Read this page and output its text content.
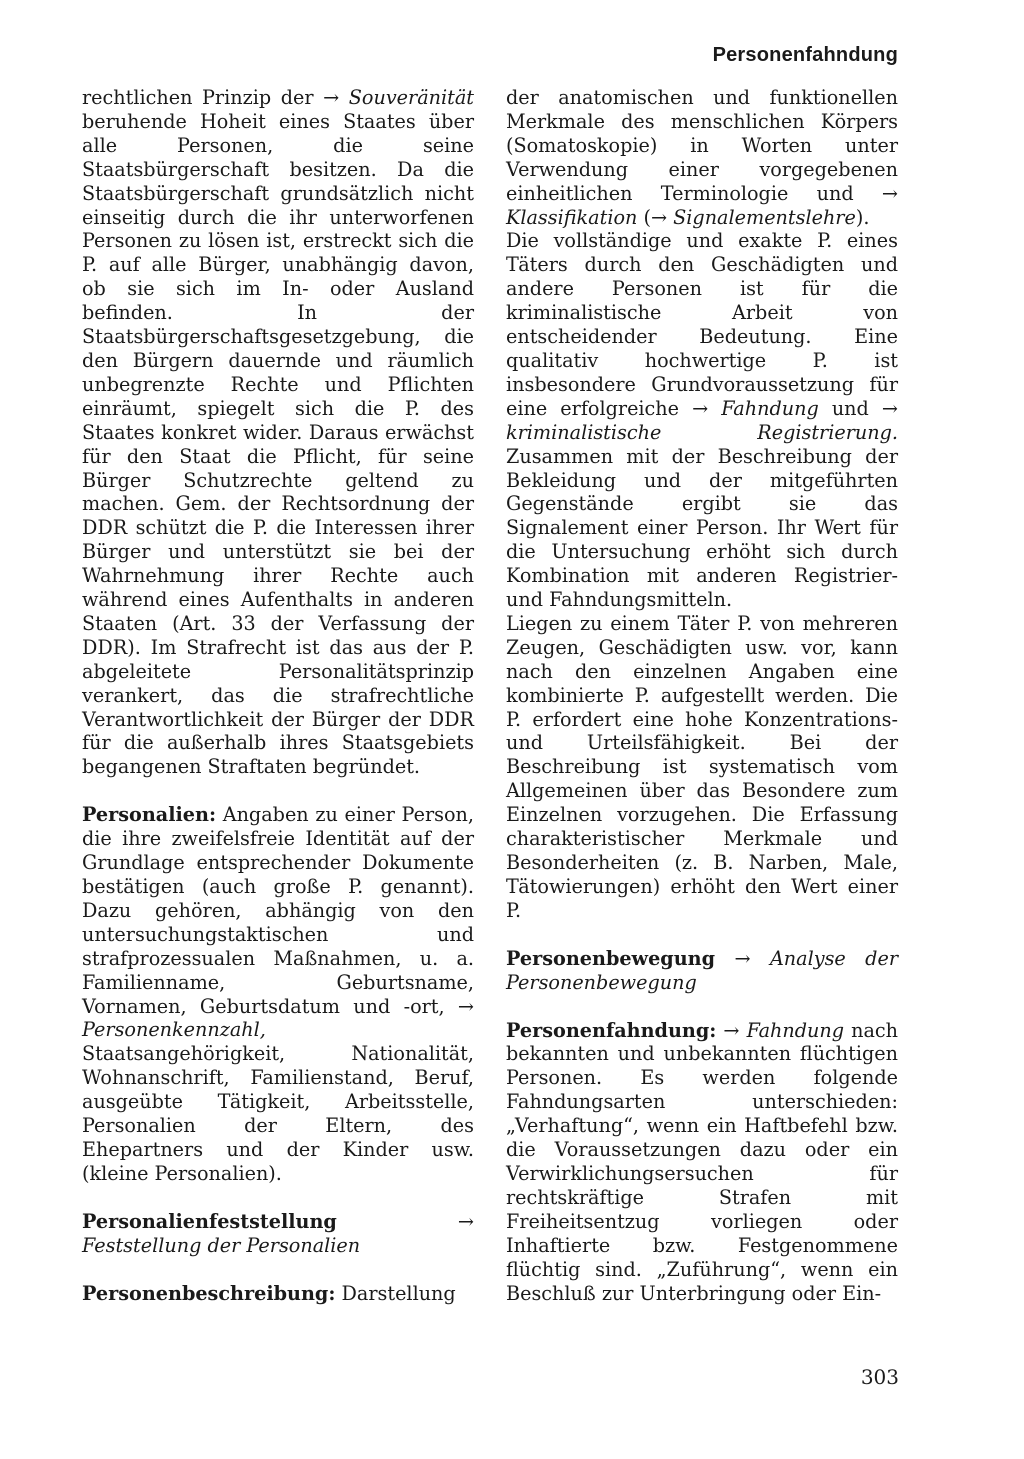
Personenfahndung

rechtlichen Prinzip der → Souveränität beruhende Hoheit eines Staates über alle Personen, die seine Staatsbürgerschaft besitzen. Da die Staatsbürgerschaft grundsätzlich nicht einseitig durch die ihr unterworfenen Personen zu lösen ist, erstreckt sich die P. auf alle Bürger, unabhängig davon, ob sie sich im In- oder Ausland befinden. In der Staatsbürgerschaftsgesetzgebung, die den Bürgern dauernde und räumlich unbegrenzte Rechte und Pflichten einräumt, spiegelt sich die P. des Staates konkret wider. Daraus erwächst für den Staat die Pflicht, für seine Bürger Schutzrechte geltend zu machen. Gem. der Rechtsordnung der DDR schützt die P. die Interessen ihrer Bürger und unterstützt sie bei der Wahrnehmung ihrer Rechte auch während eines Aufenthalts in anderen Staaten (Art. 33 der Verfassung der DDR). Im Strafrecht ist das aus der P. abgeleitete Personalitätsprinzip verankert, das die strafrechtliche Verantwortlichkeit der Bürger der DDR für die außerhalb ihres Staatsgebiets begangenen Straftaten begründet.

Personalien: Angaben zu einer Person, die ihre zweifelsfreie Identität auf der Grundlage entsprechender Dokumente bestätigen (auch große P. genannt). Dazu gehören, abhängig von den untersuchungstaktischen und strafprozessualen Maßnahmen, u. a. Familienname, Geburtsname, Vornamen, Geburtsdatum und -ort, → Personenkennzahl, Staatsangehörigkeit, Nationalität, Wohnanschrift, Familienstand, Beruf, ausgeübte Tätigkeit, Arbeitsstelle, Personalien der Eltern, des Ehepartners und der Kinder usw. (kleine Personalien).

Personalienfeststellung → Feststellung der Personalien

Personenbeschreibung: Darstellung

der anatomischen und funktionellen Merkmale des menschlichen Körpers (Somatoskopie) in Worten unter Verwendung einer vorgegebenen einheitlichen Terminologie und → Klassifikation (→ Signalementslehre).

Die vollständige und exakte P. eines Täters durch den Geschädigten und andere Personen ist für die kriminalistische Arbeit von entscheidender Bedeutung. Eine qualitativ hochwertige P. ist insbesondere Grundvoraussetzung für eine erfolgreiche → Fahndung und → kriminalistische Registrierung. Zusammen mit der Beschreibung der Bekleidung und der mitgeführten Gegenstände ergibt sie das Signalement einer Person. Ihr Wert für die Untersuchung erhöht sich durch Kombination mit anderen Registrier- und Fahndungsmitteln.

Liegen zu einem Täter P. von mehreren Zeugen, Geschädigten usw. vor, kann nach den einzelnen Angaben eine kombinierte P. aufgestellt werden. Die P. erfordert eine hohe Konzentrations- und Urteilsfähigkeit. Bei der Beschreibung ist systematisch vom Allgemeinen über das Besondere zum Einzelnen vorzugehen. Die Erfassung charakteristischer Merkmale und Besonderheiten (z. B. Narben, Male, Tätowierungen) erhöht den Wert einer P.

Personenbewegung → Analyse der Personenbewegung

Personenfahndung: → Fahndung nach bekannten und unbekannten flüchtigen Personen. Es werden folgende Fahndungsarten unterschieden: „Verhaftung“, wenn ein Haftbefehl bzw. die Voraussetzungen dazu oder ein Verwirklichungsersuchen für rechtskräftige Strafen mit Freiheitsentzug vorliegen oder Inhaftierte bzw. Festgenommene flüchtig sind. „Zuführung“, wenn ein Beschluß zur Unterbringung oder Ein-

303
